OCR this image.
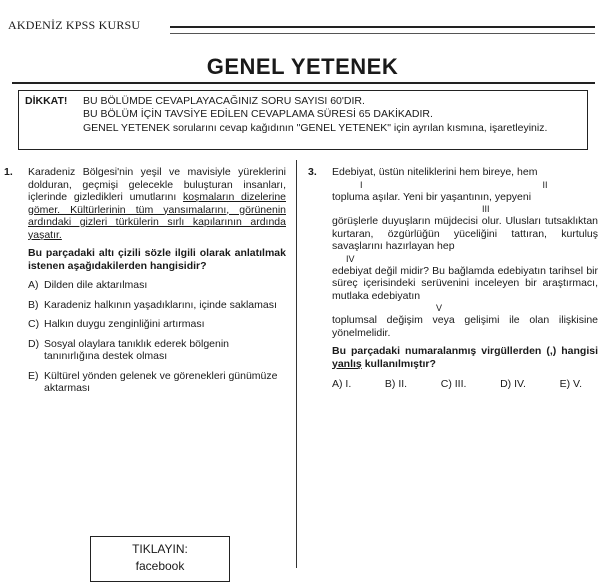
AKDENİZ KPSS KURSU
GENEL YETENEK
DİKKAT! BU BÖLÜMDE CEVAPLAYACAĞINIZ SORU SAYISI 60'DIR.
BU BÖLÜM İÇİN TAVSİYE EDİLEN CEVAPLAMA SÜRESİ 65 DAKİKADIR.
GENEL YETENEK sorularını cevap kağıdının "GENEL YETENEK" için ayrılan kısmına, işaretleyiniz.
1. Karadeniz Bölgesi'nin yeşil ve mavisiyle yüreklerini dolduran, geçmişi gelecekle buluşturan insanları, içlerinde gizledikleri umutlarını koşmaların dizelerine gömer. Kültürlerinin tüm yansımalarını, görünenin ardındaki gizleri türkülerin sırlı kapılarının ardında yaşatır.

Bu parçadaki altı çizili sözle ilgili olarak anlatılmak istenen aşağıdakilerden hangisidir?

A) Dilden dile aktarılması
B) Karadeniz halkının yaşadıklarını, içinde saklaması
C) Halkın duygu zenginliğini artırması
D) Sosyal olaylara tanıklık ederek bölgenin tanınırlığına destek olması
E) Kültürel yönden gelenek ve görenekleri günümüze aktarması
3. Edebiyat, üstün niteliklerini hem bireye, hem

I	II

topluma aşılar. Yeni bir yaşantının, yepyeni

III

görüşlerle duyuşların müjdecisi olur. Ulusları tutsaklıktan kurtaran, özgürlüğün yüceliğini tattıran, kurtuluş savaşlarını hazırlayan hep

IV

edebiyat değil midir? Bu bağlamda edebiyatın tarihsel bir süreç içerisindeki serüvenini inceleyen bir araştırmacı, mutlaka edebiyatın

V

toplumsal değişim veya gelişimi ile olan ilişkisine yönelmelidir.

Bu parçadaki numaralanmış virgüllerden (,) hangisi yanlış kullanılmıştır?

A) I.	B) II.	C) III.	D) IV.	E) V.
TIKLAYIN:
facebook
